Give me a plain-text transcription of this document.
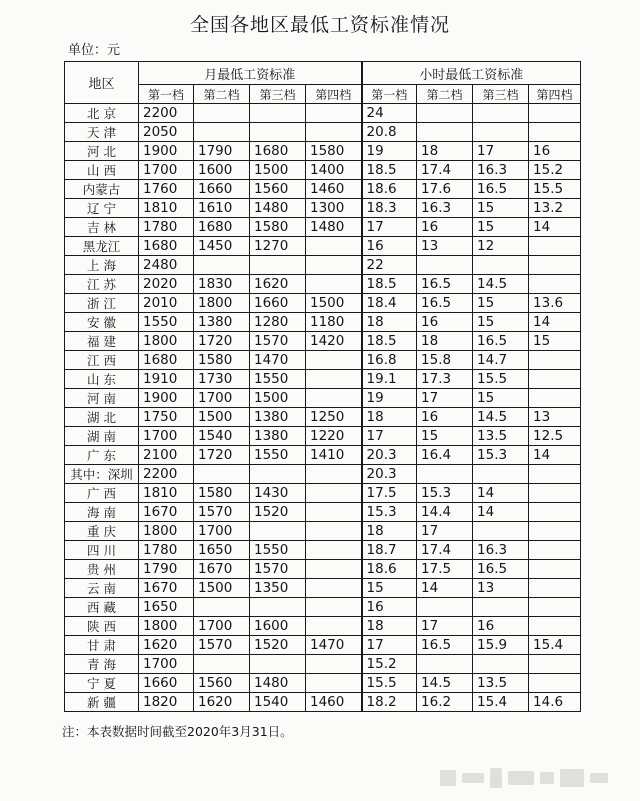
全国各地区最低工资标准情况
单位：元
地区	月最低工资标准				小时最低工资标准			
	第一档	第二档	第三档	第四档	第一档	第二档	第三档	第四档
北 京	2200				24			
天 津	2050				20.8			
河 北	1900	1790	1680	1580	19	18	17	16
山 西	1700	1600	1500	1400	18.5	17.4	16.3	15.2
内蒙古	1760	1660	1560	1460	18.6	17.6	16.5	15.5
辽 宁	1810	1610	1480	1300	18.3	16.3	15	13.2
吉 林	1780	1680	1580	1480	17	16	15	14
黑龙江	1680	1450	1270		16	13	12	
上 海	2480				22			
江 苏	2020	1830	1620		18.5	16.5	14.5	
浙 江	2010	1800	1660	1500	18.4	16.5	15	13.6
安 徽	1550	1380	1280	1180	18	16	15	14
福 建	1800	1720	1570	1420	18.5	18	16.5	15
江 西	1680	1580	1470		16.8	15.8	14.7	
山 东	1910	1730	1550		19.1	17.3	15.5	
河 南	1900	1700	1500		19	17	15	
湖 北	1750	1500	1380	1250	18	16	14.5	13
湖 南	1700	1540	1380	1220	17	15	13.5	12.5
广 东	2100	1720	1550	1410	20.3	16.4	15.3	14
其中：深圳	2200				20.3			
广 西	1810	1580	1430		17.5	15.3	14	
海 南	1670	1570	1520		15.3	14.4	14	
重 庆	1800	1700			18	17		
四 川	1780	1650	1550		18.7	17.4	16.3	
贵 州	1790	1670	1570		18.6	17.5	16.5	
云 南	1670	1500	1350		15	14	13	
西 藏	1650				16			
陕 西	1800	1700	1600		18	17	16	
甘 肃	1620	1570	1520	1470	17	16.5	15.9	15.4
青 海	1700				15.2			
宁 夏	1660	1560	1480		15.5	14.5	13.5	
新 疆	1820	1620	1540	1460	18.2	16.2	15.4	14.6
注：本表数据时间截至2020年3月31日。
